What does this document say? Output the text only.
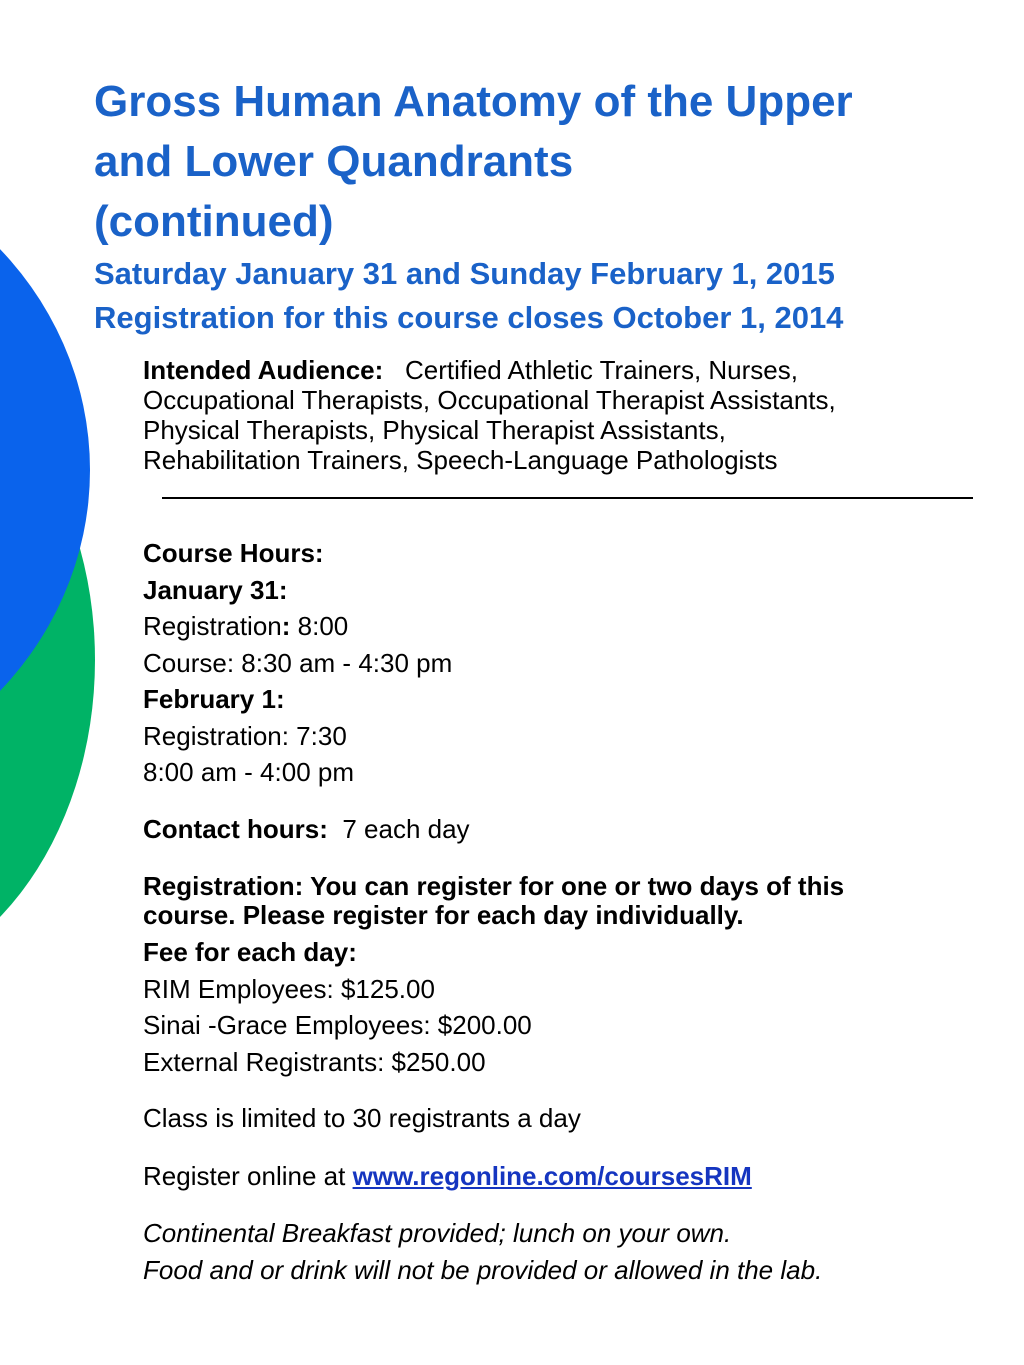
Gross Human Anatomy of the Upper

and Lower Quandrants

(continued)

Saturday January 31 and Sunday February 1, 2015

Registration for this course closes October 1, 2014

Intended Audience: Certified Athletic Trainers, Nurses,

Occupational Therapists, Occupational Therapist Assistants,

Physical Therapists, Physical Therapist Assistants,

Rehabilitation Trainers, Speech-Language Pathologists

Course Hours:

January 31:

Registration: 8:00

Course: 8:30 am - 4:30 pm

February 1:

Registration: 7:30

8:00 am - 4:00 pm

Contact hours: 7 each day

Registration: You can register for one or two days of this

course. Please register for each day individually.

Fee for each day:

RIM Employees: $125.00

Sinai -Grace Employees: $200.00

External Registrants: $250.00

Class is limited to 30 registrants a day

Register online at www.regonline.com/coursesRIM

Continental Breakfast provided; lunch on your own.

Food and or drink will not be provided or allowed in the lab.
